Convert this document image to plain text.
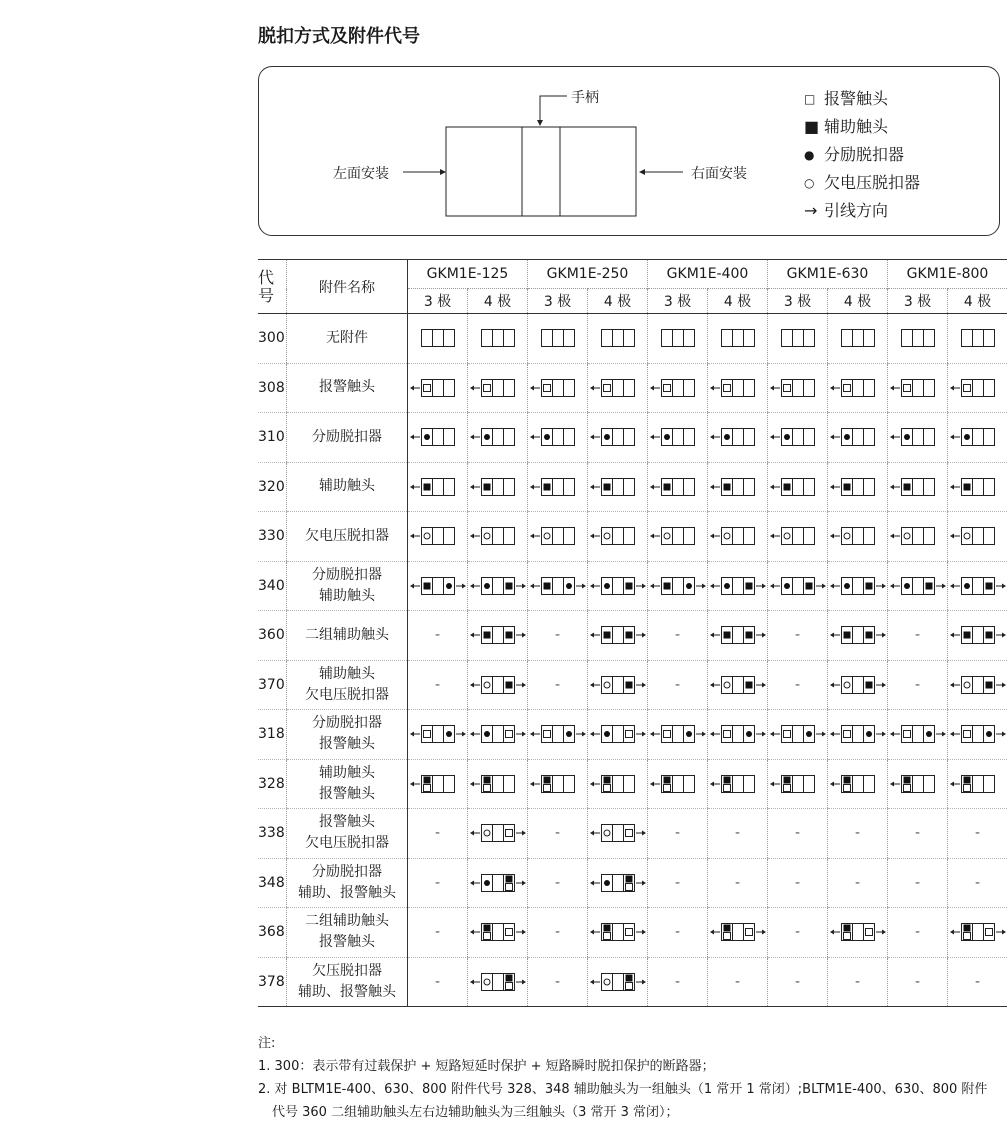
脱扣方式及附件代号
手柄
左面安装	右面安装
□ 报警触头
■ 辅助触头
● 分励脱扣器
○ 欠电压脱扣器
→ 引线方向
代号	附件名称	GKM1E-125		GKM1E-250		GKM1E-400		GKM1E-630		GKM1E-800	
		3 极	4 极	3 极	4 极	3 极	4 极	3 极	4 极	3 极	4 极
300	无附件

308	报警触头

310	分励脱扣器

320	辅助触头

330	欠电压脱扣器

340	分励脱扣器
辅助触头

360	二组辅助触头	-		-		-		-		-	

370	辅助触头
欠电压脱扣器	-		-		-		-		-	

318	分励脱扣器
报警触头

328	辅助触头
报警触头

338	报警触头
欠电压脱扣器	-		-		-	-	-	-	-	-
348	分励脱扣器
辅助、报警触头	-		-		-	-	-	-	-	-
368	二组辅助触头
报警触头	-		-		-		-		-	

378	欠压脱扣器
辅助、报警触头	-		-		-	-	-	-	-	-
注:
1. 300：表示带有过载保护 + 短路短延时保护 + 短路瞬时脱扣保护的断路器；
2. 对 BLTM1E-400、630、800 附件代号 328、348 辅助触头为一组触头（1 常开 1 常闭）;BLTM1E-400、630、800 附件
代号 360 二组辅助触头左右边辅助触头为三组触头（3 常开 3 常闭）；
